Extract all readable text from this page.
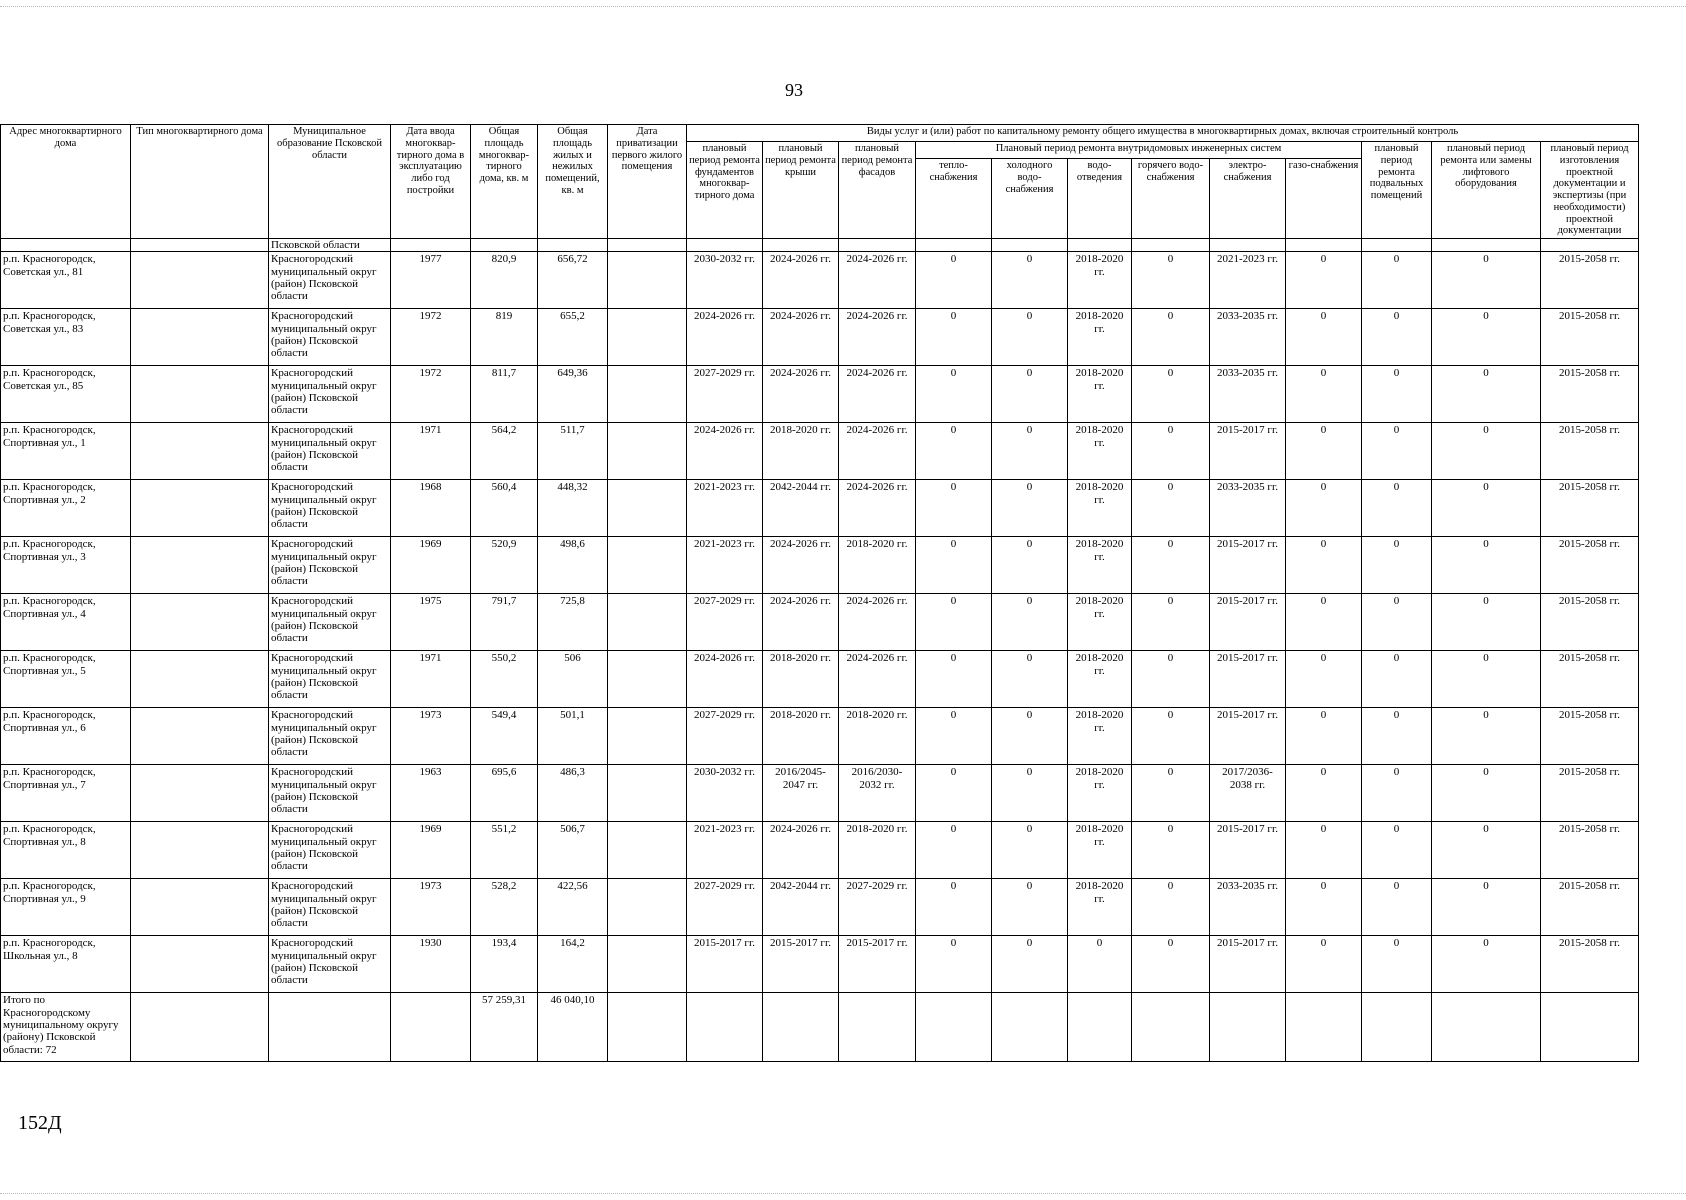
93
Адрес многоквартирного дома	Тип многоквартирного дома	Муниципальное образование Псковской области	Дата ввода многоквар-тирного дома в эксплуатацию либо год постройки	Общая площадь многоквар-тирного дома, кв. м	Общая площадь жилых и нежилых помещений, кв. м	Дата приватизации первого жилого помещения	Виды услуг и (или) работ по капитальному ремонту общего имущества в многоквартирных домах, включая строительный контроль											
							плановый период ремонта фундаментов многоквар-тирного дома	плановый период ремонта крыши	плановый период ремонта фасадов	Плановый период ремонта внутридомовых инженерных систем						плановый период ремонта подвальных помещений	плановый период ремонта или замены лифтового оборудования	плановый период изготовления проектной документации и экспертизы (при необходимости) проектной документации
										тепло-снабжения	холодного водо-снабжения	водо-отведения	горячего водо-снабжения	электро-снабжения	газо-снабжения			
		Псковской области																
р.п. Красногородск, Советская ул., 81		Красногородский муниципальный округ (район) Псковской области	1977	820,9	656,72		2030-2032 гг.	2024-2026 гг.	2024-2026 гг.	0	0	2018-2020 гг.	0	2021-2023 гг.	0	0	0	2015-2058 гг.
р.п. Красногородск, Советская ул., 83		Красногородский муниципальный округ (район) Псковской области	1972	819	655,2		2024-2026 гг.	2024-2026 гг.	2024-2026 гг.	0	0	2018-2020 гг.	0	2033-2035 гг.	0	0	0	2015-2058 гг.
р.п. Красногородск, Советская ул., 85		Красногородский муниципальный округ (район) Псковской области	1972	811,7	649,36		2027-2029 гг.	2024-2026 гг.	2024-2026 гг.	0	0	2018-2020 гг.	0	2033-2035 гг.	0	0	0	2015-2058 гг.
р.п. Красногородск, Спортивная ул., 1		Красногородский муниципальный округ (район) Псковской области	1971	564,2	511,7		2024-2026 гг.	2018-2020 гг.	2024-2026 гг.	0	0	2018-2020 гг.	0	2015-2017 гг.	0	0	0	2015-2058 гг.
р.п. Красногородск, Спортивная ул., 2		Красногородский муниципальный округ (район) Псковской области	1968	560,4	448,32		2021-2023 гг.	2042-2044 гг.	2024-2026 гг.	0	0	2018-2020 гг.	0	2033-2035 гг.	0	0	0	2015-2058 гг.
р.п. Красногородск, Спортивная ул., 3		Красногородский муниципальный округ (район) Псковской области	1969	520,9	498,6		2021-2023 гг.	2024-2026 гг.	2018-2020 гг.	0	0	2018-2020 гг.	0	2015-2017 гг.	0	0	0	2015-2058 гг.
р.п. Красногородск, Спортивная ул., 4		Красногородский муниципальный округ (район) Псковской области	1975	791,7	725,8		2027-2029 гг.	2024-2026 гг.	2024-2026 гг.	0	0	2018-2020 гг.	0	2015-2017 гг.	0	0	0	2015-2058 гг.
р.п. Красногородск, Спортивная ул., 5		Красногородский муниципальный округ (район) Псковской области	1971	550,2	506		2024-2026 гг.	2018-2020 гг.	2024-2026 гг.	0	0	2018-2020 гг.	0	2015-2017 гг.	0	0	0	2015-2058 гг.
р.п. Красногородск, Спортивная ул., 6		Красногородский муниципальный округ (район) Псковской области	1973	549,4	501,1		2027-2029 гг.	2018-2020 гг.	2018-2020 гг.	0	0	2018-2020 гг.	0	2015-2017 гг.	0	0	0	2015-2058 гг.
р.п. Красногородск, Спортивная ул., 7		Красногородский муниципальный округ (район) Псковской области	1963	695,6	486,3		2030-2032 гг.	2016/2045-2047 гг.	2016/2030-2032 гг.	0	0	2018-2020 гг.	0	2017/2036-2038 гг.	0	0	0	2015-2058 гг.
р.п. Красногородск, Спортивная ул., 8		Красногородский муниципальный округ (район) Псковской области	1969	551,2	506,7		2021-2023 гг.	2024-2026 гг.	2018-2020 гг.	0	0	2018-2020 гг.	0	2015-2017 гг.	0	0	0	2015-2058 гг.
р.п. Красногородск, Спортивная ул., 9		Красногородский муниципальный округ (район) Псковской области	1973	528,2	422,56		2027-2029 гг.	2042-2044 гг.	2027-2029 гг.	0	0	2018-2020 гг.	0	2033-2035 гг.	0	0	0	2015-2058 гг.
р.п. Красногородск, Школьная ул., 8		Красногородский муниципальный округ (район) Псковской области	1930	193,4	164,2		2015-2017 гг.	2015-2017 гг.	2015-2017 гг.	0	0	0	0	2015-2017 гг.	0	0	0	2015-2058 гг.
Итого по Красногородскому муниципальному округу (району) Псковской области: 72				57 259,31	46 040,10													
152Д
